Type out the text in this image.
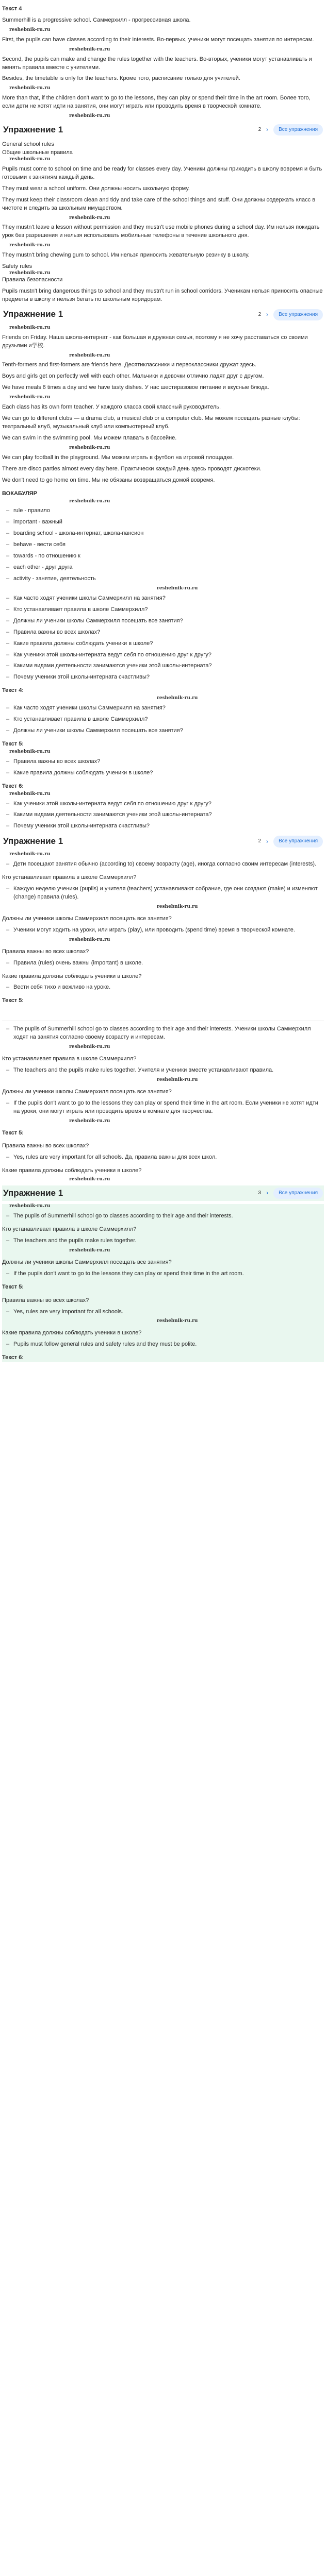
Текст 4

Summerhill is a progressive school. Саммерхилл - прогрессивная школа.

reshebnik-ru.ru

First, the pupils can have classes according to their interests. Во-первых, ученики могут посещать занятия по интересам.

reshebnik-ru.ru

Second, the pupils can make and change the rules together with the teachers. Во-вторых, ученики могут устанавливать и менять правила вместе с учителями.

Besides, the timetable is only for the teachers. Кроме того, расписание только для учителей.

reshebnik-ru.ru

More than that, if the children don't want to go to the lessons, they can play or spend their time in the art room. Более того, если дети не хотят идти на занятия, они могут играть или проводить время в творческой комнате.

reshebnik-ru.ru
Упражнение 1	2 ›	Все упражнения

General school rules

Общие школьные правила

reshebnik-ru.ru

Pupils must come to school on time and be ready for classes every day. Ученики должны приходить в школу вовремя и быть готовыми к занятиям каждый день.

They must wear a school uniform. Они должны носить школьную форму.

They must keep their classroom clean and tidy and take care of the school things and stuff. Они должны содержать класс в чистоте и следить за школьным имуществом.

reshebnik-ru.ru

They mustn't leave a lesson without permission and they mustn't use mobile phones during a school day. Им нельзя покидать урок без разрешения и нельзя использовать мобильные телефоны в течение школьного дня.

reshebnik-ru.ru

They mustn't bring chewing gum to school. Им нельзя приносить жевательную резинку в школу.

Safety rules

reshebnik-ru.ru

Правила безопасности

Pupils mustn't bring dangerous things to school and they mustn't run in school corridors. Ученикам нельзя приносить опасные предметы в школу и нельзя бегать по школьным коридорам.

Упражнение 1	2 ›	Все упражнения
reshebnik-ru.ru

Friends on Friday. Наша школа-интернат - как большая и дружная семья, поэтому я не хочу расставаться со своими друзьями и学校.

reshebnik-ru.ru

Tenth-formers and first-formers are friends here. Десятиклассники и первоклассники дружат здесь.

Boys and girls get on perfectly well with each other. Мальчики и девочки отлично ладят друг с другом.

We have meals 6 times a day and we have tasty dishes. У нас шестиразовое питание и вкусные блюда.

reshebnik-ru.ru

Each class has its own form teacher. У каждого класса свой классный руководитель.

We can go to different clubs — a drama club, a musical club or a computer club. Мы можем посещать разные клубы: театральный клуб, музыкальный клуб или компьютерный клуб.

We can swim in the swimming pool. Мы можем плавать в бассейне.

reshebnik-ru.ru

We can play football in the playground. Мы можем играть в футбол на игровой площадке.

There are disco parties almost every day here. Практически каждый день здесь проводят дискотеки.

We don't need to go home on time. Мы не обязаны возвращаться домой вовремя.

ВОКАБУЛЯР

reshebnik-ru.ru
– rule - правило
– important - важный
– boarding school - школа-интернат, школа-пансион
– behave - вести себя
– towards - по отношению к
– each other - друг друга
– activity - занятие, деятельность
reshebnik-ru.ru
– Как часто ходят ученики школы Саммерхилл на занятия?
– Кто устанавливает правила в школе Саммерхилл?
– Должны ли ученики школы Саммерхилл посещать все занятия?
– Правила важны во всех школах?
– Какие правила должны соблюдать ученики в школе?
– Как ученики этой школы-интерната ведут себя по отношению друг к другу?
– Какими видами деятельности занимаются ученики этой школы-интерната?
– Почему ученики этой школы-интерната счастливы?

Текст 4:

reshebnik-ru.ru
– Как часто ходят ученики школы Саммерхилл на занятия?
– Кто устанавливает правила в школе Саммерхилл?
– Должны ли ученики школы Саммерхилл посещать все занятия?

Текст 5:

reshebnik-ru.ru
– Правила важны во всех школах?
– Какие правила должны соблюдать ученики в школе?

Текст 6:

reshebnik-ru.ru
– Как ученики этой школы-интерната ведут себя по отношению друг к другу?
– Какими видами деятельности занимаются ученики этой школы-интерната?
– Почему ученики этой школы-интерната счастливы?
Упражнение 1	2 ›	Все упражнения
reshebnik-ru.ru
– Дети посещают занятия обычно (according to) своему возрасту (age), иногда согласно своим интересам (interests).

Кто устанавливает правила в школе Саммерхилл?

– Каждую неделю ученики (pupils) и учителя (teachers) устанавливают собрание, где они создают (make) и изменяют (change) правила (rules).
reshebnik-ru.ru

Должны ли ученики школы Саммерхилл посещать все занятия?

– Ученики могут ходить на уроки, или играть (play), или проводить (spend time) время в творческой комнате.
reshebnik-ru.ru

Правила важны во всех школах?

– Правила (rules) очень важны (important) в школе.

Какие правила должны соблюдать ученики в школе?

– Вести себя тихо и вежливо на уроке.

Текст 5:

– The pupils of Summerhill school go to classes according to their age and their interests. Ученики школы Саммерхилл ходят на занятия согласно своему возрасту и интересам.
reshebnik-ru.ru

Кто устанавливает правила в школе Саммерхилл?

– The teachers and the pupils make rules together. Учителя и ученики вместе устанавливают правила.
reshebnik-ru.ru

Должны ли ученики школы Саммерхилл посещать все занятия?

– If the pupils don't want to go to the lessons they can play or spend their time in the art room. Если ученики не хотят идти на уроки, они могут играть или проводить время в комнате для творчества.
reshebnik-ru.ru

Текст 5:

Правила важны во всех школах?

– Yes, rules are very important for all schools. Да, правила важны для всех школ.

Какие правила должны соблюдать ученики в школе?

reshebnik-ru.ru
Упражнение 1	3 ›	Все упражнения
reshebnik-ru.ru
– The pupils of Summerhill school go to classes according to their age and their interests.

Кто устанавливает правила в школе Саммерхилл?

– The teachers and the pupils make rules together.
reshebnik-ru.ru

Должны ли ученики школы Саммерхилл посещать все занятия?

– If the pupils don't want to go to the lessons they can play or spend their time in the art room.

Текст 5:

Правила важны во всех школах?

– Yes, rules are very important for all schools.
reshebnik-ru.ru

Какие правила должны соблюдать ученики в школе?

– Pupils must follow general rules and safety rules and they must be polite.

Текст 6:
